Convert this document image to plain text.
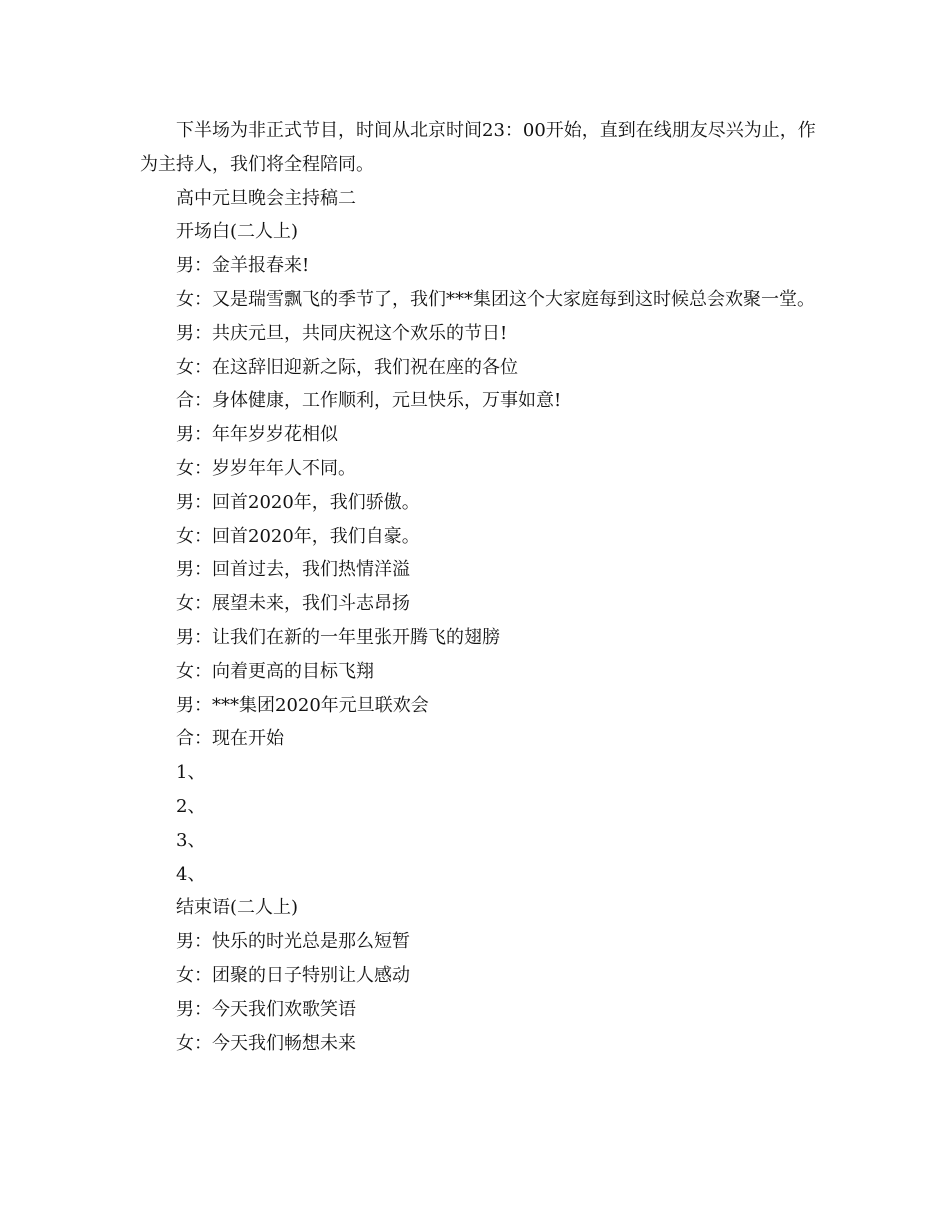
下半场为非正式节目，时间从北京时间23：00开始，直到在线朋友尽兴为止，作为主持人，我们将全程陪同。

高中元旦晚会主持稿二

开场白(二人上)

男：金羊报春来!

女：又是瑞雪飘飞的季节了，我们***集团这个大家庭每到这时候总会欢聚一堂。

男：共庆元旦，共同庆祝这个欢乐的节日!

女：在这辞旧迎新之际，我们祝在座的各位

合：身体健康，工作顺利，元旦快乐，万事如意!

男：年年岁岁花相似

女：岁岁年年人不同。

男：回首2020年，我们骄傲。

女：回首2020年，我们自豪。

男：回首过去，我们热情洋溢

女：展望未来，我们斗志昂扬

男：让我们在新的一年里张开腾飞的翅膀

女：向着更高的目标飞翔

男：***集团2020年元旦联欢会

合：现在开始

1、

2、

3、

4、

结束语(二人上)

男：快乐的时光总是那么短暂

女：团聚的日子特别让人感动

男：今天我们欢歌笑语

女：今天我们畅想未来
